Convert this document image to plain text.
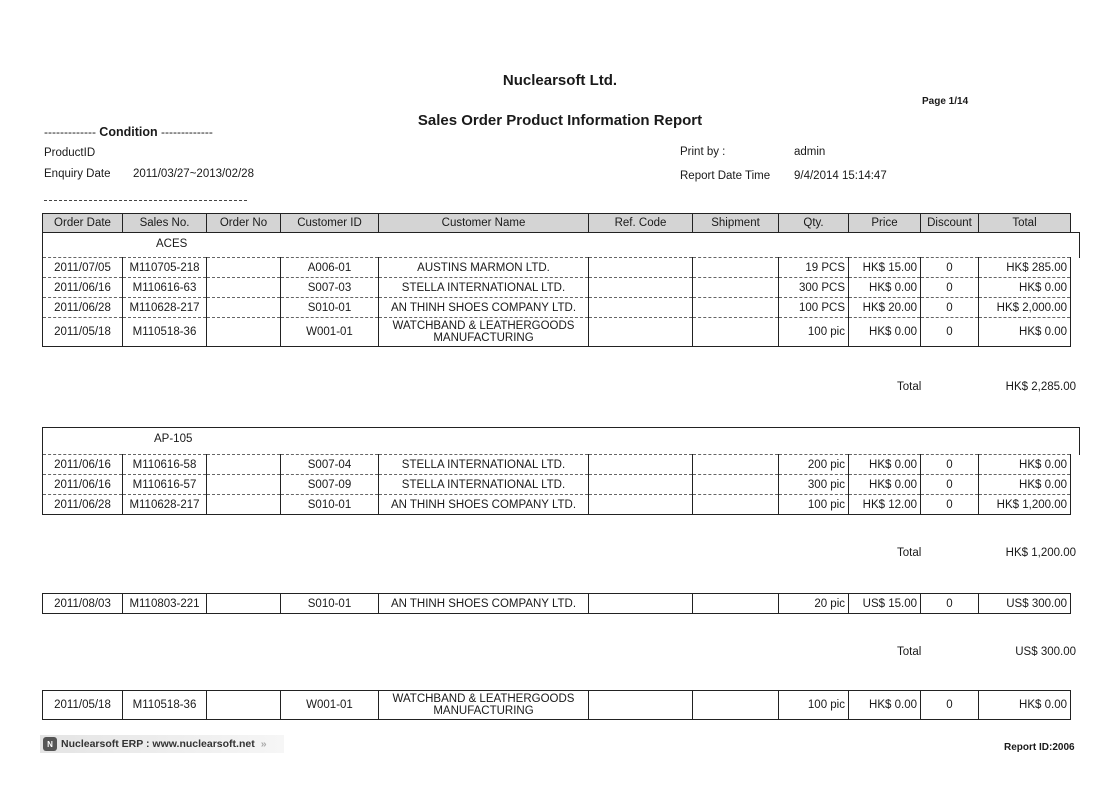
Nuclearsoft Ltd.
Page 1/14
Sales Order Product Information Report
------------- Condition -------------
ProductID
Enquiry Date 2011/03/27~2013/02/28
Print by :	admin
Report Date Time 9/4/2014 15:14:47
Order Date	Sales No.	Order No	Customer ID	Customer Name	Ref. Code	Shipment	Qty.	Price	Discount	Total
ACES
2011/07/05	M110705-218		A006-01	AUSTINS MARMON LTD.			19 PCS	HK$ 15.00	0	HK$ 285.00
2011/06/16	M110616-63		S007-03	STELLA INTERNATIONAL LTD.			300 PCS	HK$ 0.00	0	HK$ 0.00
2011/06/28	M110628-217		S010-01	AN THINH SHOES COMPANY LTD.			100 PCS	HK$ 20.00	0	HK$ 2,000.00
2011/05/18	M110518-36		W001-01	WATCHBAND & LEATHERGOODS MANUFACTURING			100 pic	HK$ 0.00	0	HK$ 0.00
Total	HK$ 2,285.00
AP-105
2011/06/16	M110616-58		S007-04	STELLA INTERNATIONAL LTD.			200 pic	HK$ 0.00	0	HK$ 0.00
2011/06/16	M110616-57		S007-09	STELLA INTERNATIONAL LTD.			300 pic	HK$ 0.00	0	HK$ 0.00
2011/06/28	M110628-217		S010-01	AN THINH SHOES COMPANY LTD.			100 pic	HK$ 12.00	0	HK$ 1,200.00
Total	HK$ 1,200.00
2011/08/03	M110803-221		S010-01	AN THINH SHOES COMPANY LTD.			20 pic	US$ 15.00	0	US$ 300.00
Total	US$ 300.00
2011/05/18	M110518-36		W001-01	WATCHBAND & LEATHERGOODS MANUFACTURING			100 pic	HK$ 0.00	0	HK$ 0.00
N Nuclearsoft ERP : www.nuclearsoft.net »	Report ID:2006
